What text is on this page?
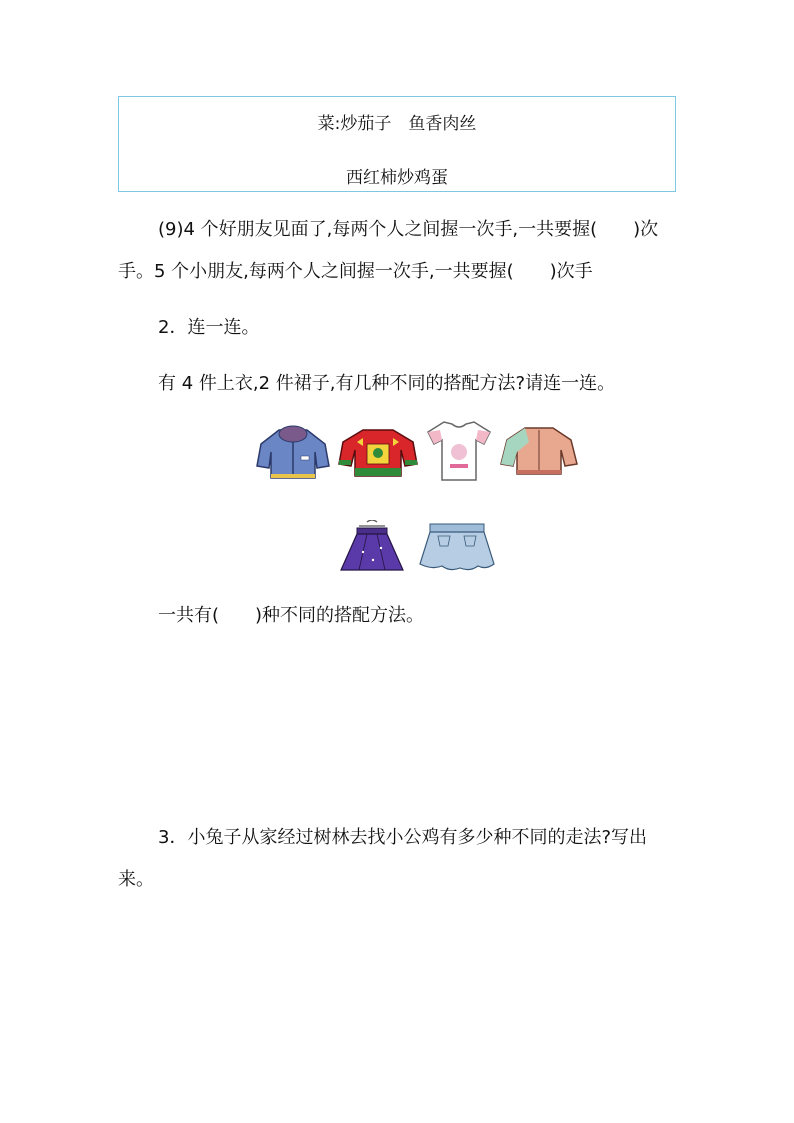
菜:炒茄子　鱼香肉丝
西红柿炒鸡蛋
(9)4 个好朋友见面了,每两个人之间握一次手,一共要握(　　)次
手。5 个小朋友,每两个人之间握一次手,一共要握(　　)次手
2．连一连。
有 4 件上衣,2 件裙子,有几种不同的搭配方法?请连一连。
一共有(　　)种不同的搭配方法。
3．小兔子从家经过树林去找小公鸡有多少种不同的走法?写出
来。
